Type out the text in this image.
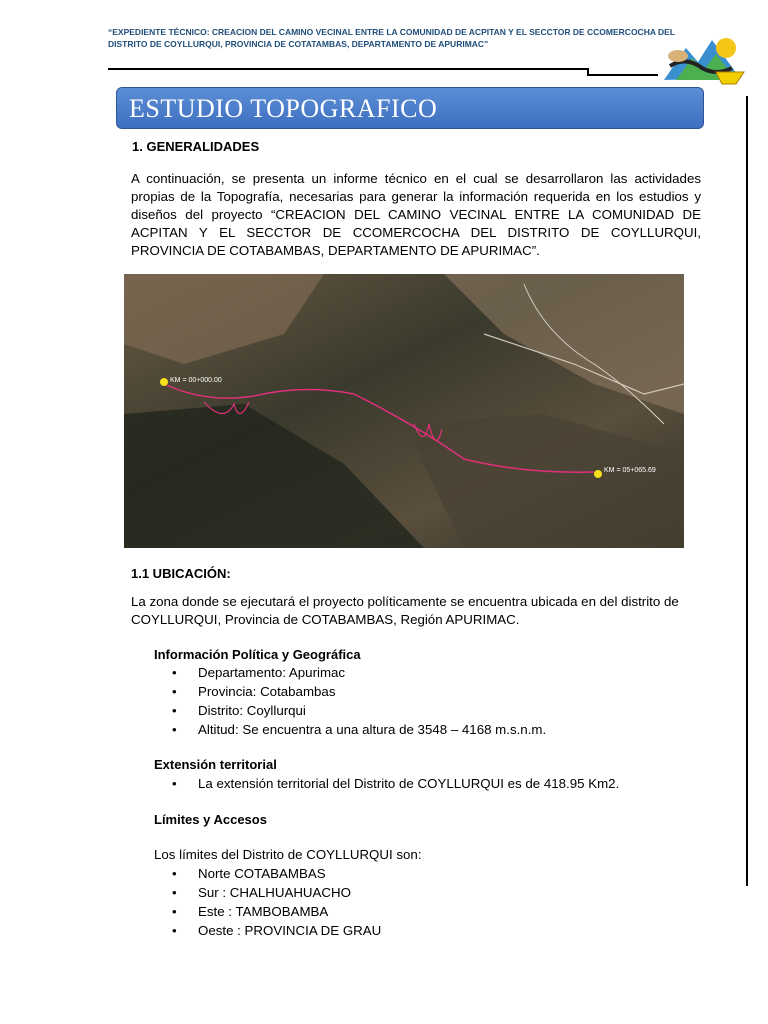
“EXPEDIENTE TÉCNICO: CREACION DEL CAMINO VECINAL ENTRE LA COMUNIDAD DE ACPITAN Y EL SECCTOR DE CCOMERCOCHA DEL DISTRITO DE COYLLURQUI, PROVINCIA DE COTATAMBAS, DEPARTAMENTO DE APURIMAC”
ESTUDIO TOPOGRAFICO
1. GENERALIDADES
A continuación, se presenta un informe técnico en el cual se desarrollaron las actividades propias de la Topografía, necesarias para generar la información requerida en los estudios y diseños del proyecto “CREACION DEL CAMINO VECINAL ENTRE LA COMUNIDAD DE ACPITAN Y EL SECCTOR DE CCOMERCOCHA DEL DISTRITO DE COYLLURQUI, PROVINCIA DE COTABAMBAS, DEPARTAMENTO DE APURIMAC”.
KM = 00+000.00
KM = 05+065.69
1.1 UBICACIÓN:
La zona donde se ejecutará el proyecto políticamente se encuentra ubicada en del distrito de COYLLURQUI, Provincia de COTABAMBAS, Región APURIMAC.
Información Política y Geográfica
• Departamento: Apurimac
• Provincia: Cotabambas
• Distrito: Coyllurqui
• Altitud: Se encuentra a una altura de 3548 – 4168 m.s.n.m.
Extensión territorial
• La extensión territorial del Distrito de COYLLURQUI es de 418.95 Km2.
Límites y Accesos
Los límites del Distrito de COYLLURQUI son:
• Norte COTABAMBAS
• Sur : CHALHUAHUACHO
• Este : TAMBOBAMBA
• Oeste : PROVINCIA DE GRAU
